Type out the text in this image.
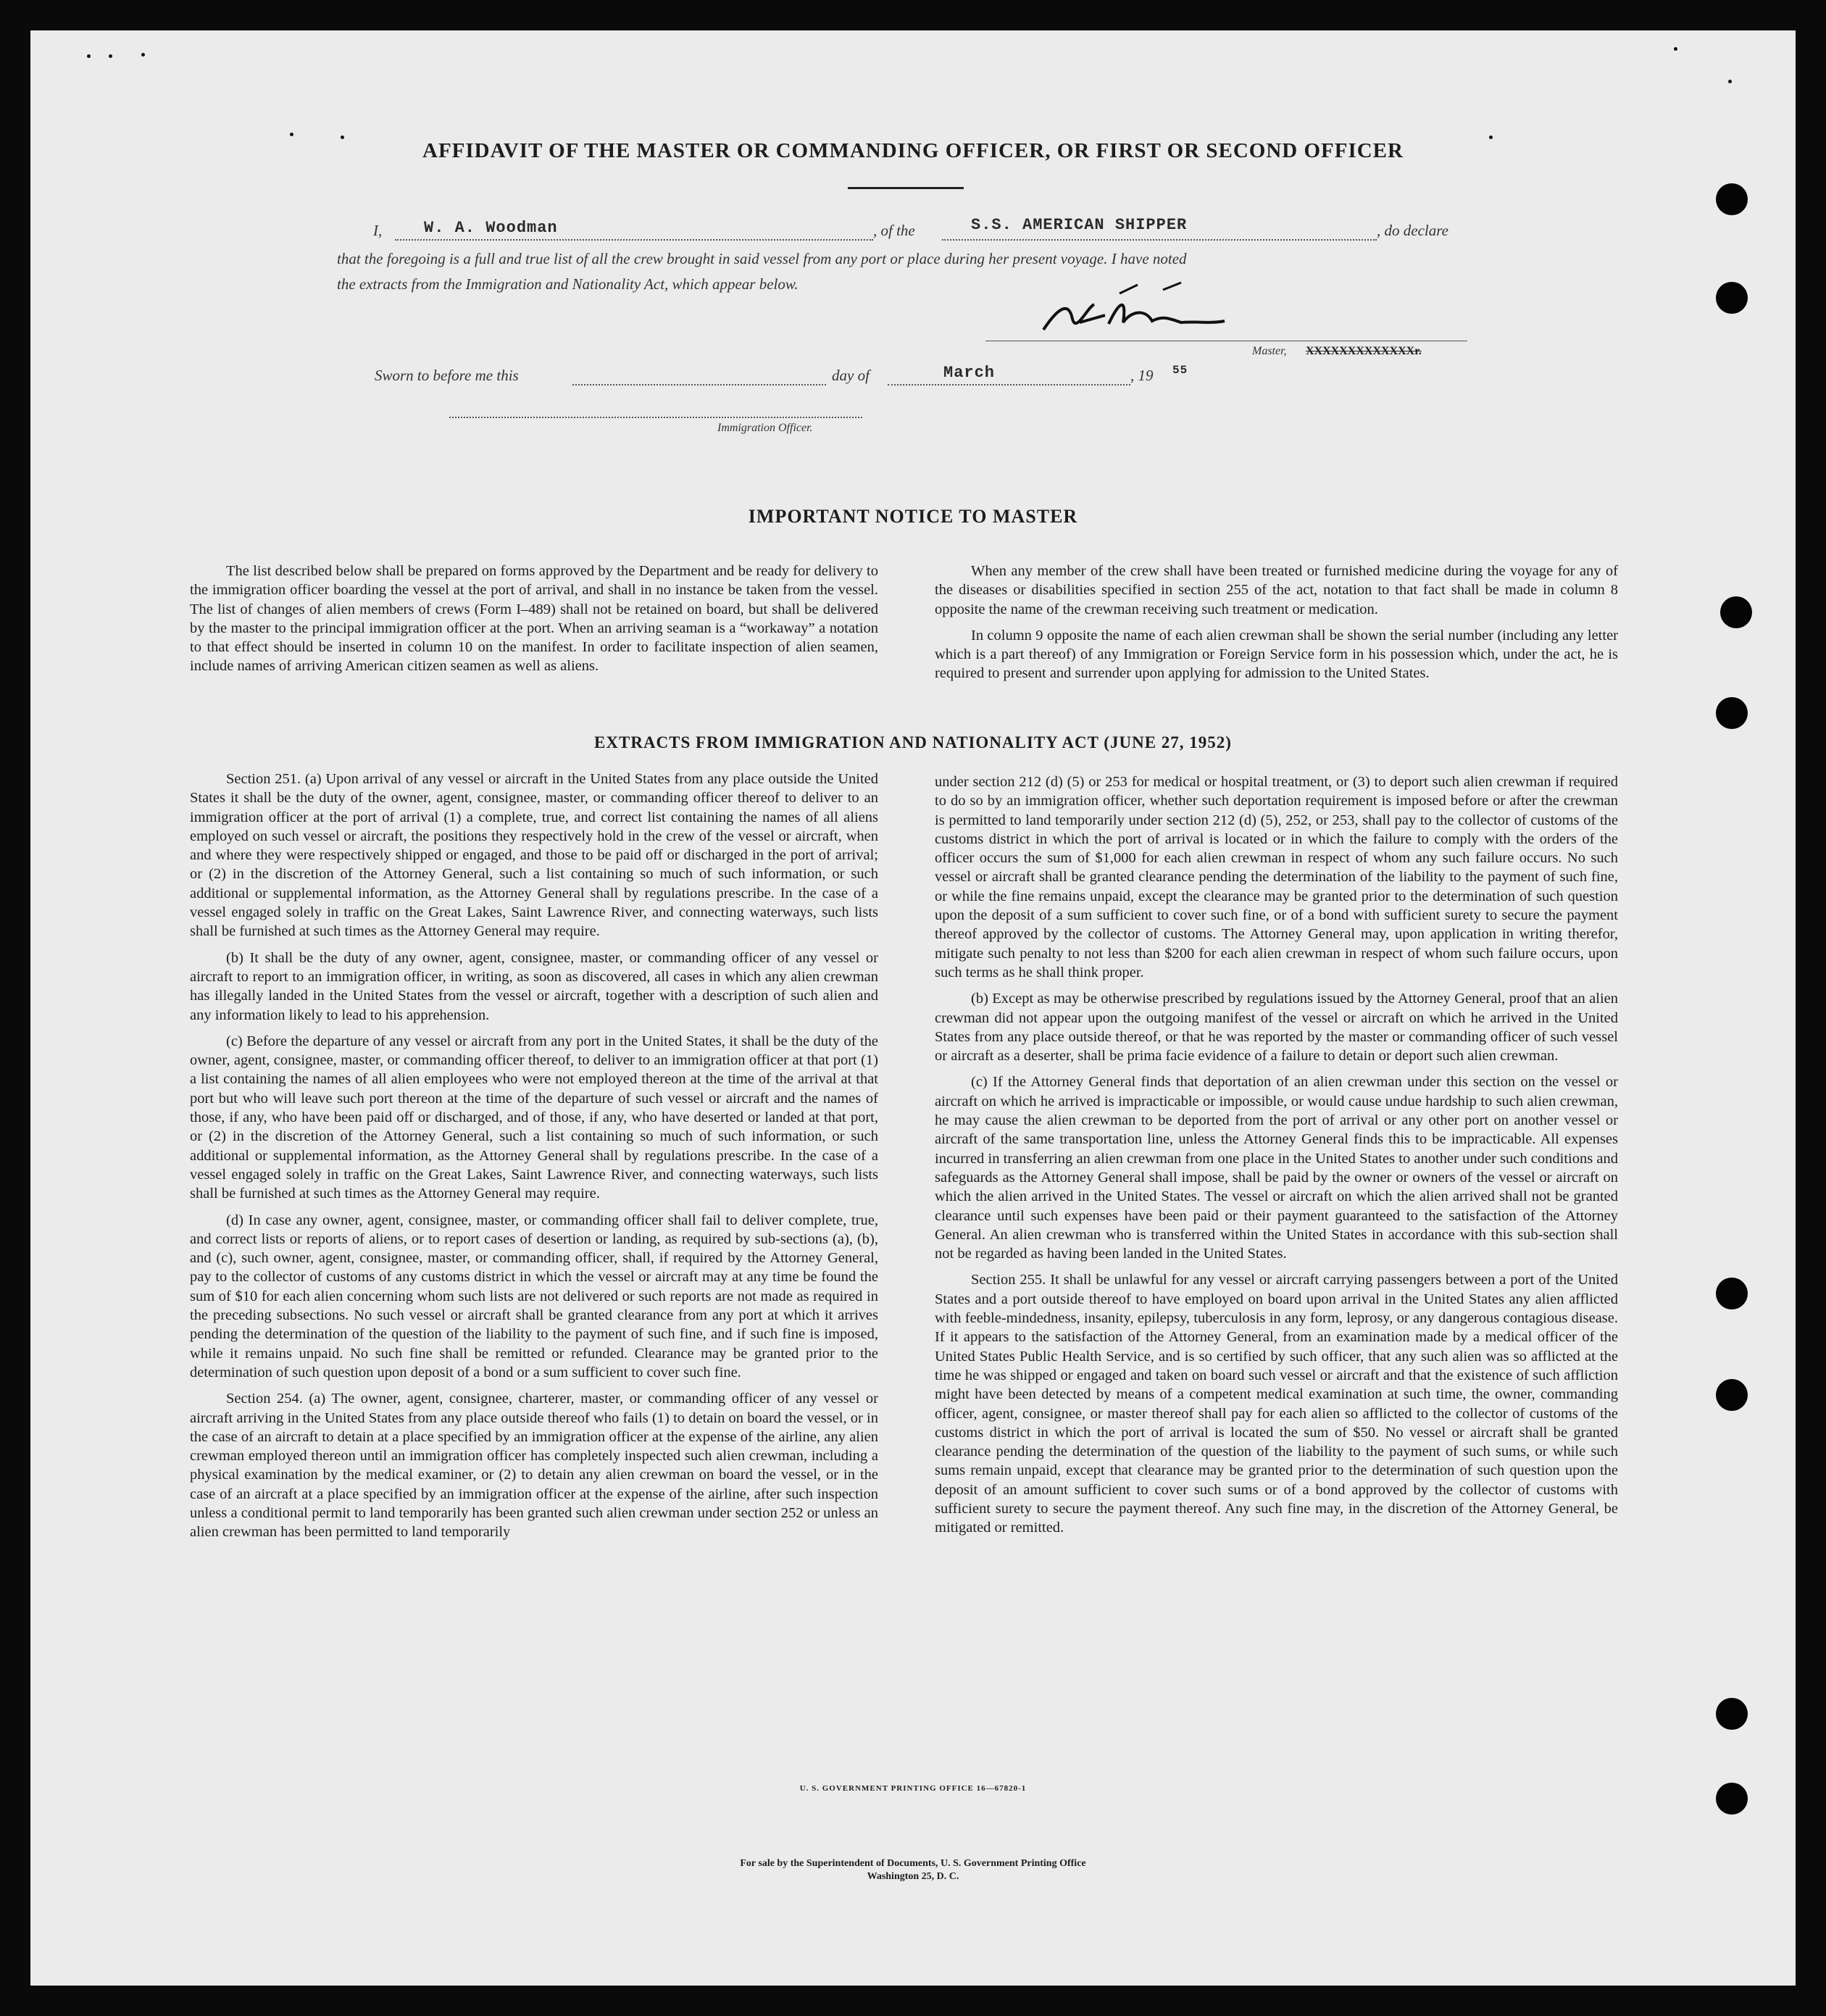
AFFIDAVIT OF THE MASTER OR COMMANDING OFFICER, OR FIRST OR SECOND OFFICER
I,	W. A. Woodman	, of the	S.S. AMERICAN SHIPPER	, do declare
that the foregoing is a full and true list of all the crew brought in said vessel from any port or place during her present voyage. I have noted
the extracts from the Immigration and Nationality Act, which appear below.
Master, XXXXXXXXXXXXXr.
Sworn to before me this	day of	March	, 19 55
Immigration Officer.
IMPORTANT NOTICE TO MASTER

The list described below shall be prepared on forms approved by the Department and be ready for delivery to the immigration officer boarding the vessel at the port of arrival, and shall in no instance be taken from the vessel. The list of changes of alien members of crews (Form I–489) shall not be retained on board, but shall be delivered by the master to the principal immigration officer at the port. When an arriving seaman is a “workaway” a notation to that effect should be inserted in column 10 on the manifest. In order to facilitate inspection of alien seamen, include names of arriving American citizen seamen as well as aliens.

When any member of the crew shall have been treated or furnished medicine during the voyage for any of the diseases or disabilities specified in section 255 of the act, notation to that fact shall be made in column 8 opposite the name of the crewman receiving such treatment or medication.

In column 9 opposite the name of each alien crewman shall be shown the serial number (including any letter which is a part thereof) of any Immigration or Foreign Service form in his possession which, under the act, he is required to present and surrender upon applying for admission to the United States.

EXTRACTS FROM IMMIGRATION AND NATIONALITY ACT (JUNE 27, 1952)

Section 251. (a) Upon arrival of any vessel or aircraft in the United States from any place outside the United States it shall be the duty of the owner, agent, consignee, master, or commanding officer thereof to deliver to an immigration officer at the port of arrival (1) a complete, true, and correct list containing the names of all aliens employed on such vessel or aircraft, the positions they respectively hold in the crew of the vessel or aircraft, when and where they were respectively shipped or engaged, and those to be paid off or discharged in the port of arrival; or (2) in the discretion of the Attorney General, such a list containing so much of such information, or such additional or supplemental information, as the Attorney General shall by regulations prescribe. In the case of a vessel engaged solely in traffic on the Great Lakes, Saint Lawrence River, and connecting waterways, such lists shall be furnished at such times as the Attorney General may require.

(b) It shall be the duty of any owner, agent, consignee, master, or commanding officer of any vessel or aircraft to report to an immigration officer, in writing, as soon as discovered, all cases in which any alien crewman has illegally landed in the United States from the vessel or aircraft, together with a description of such alien and any information likely to lead to his apprehension.

(c) Before the departure of any vessel or aircraft from any port in the United States, it shall be the duty of the owner, agent, consignee, master, or commanding officer thereof, to deliver to an immigration officer at that port (1) a list containing the names of all alien employees who were not employed thereon at the time of the arrival at that port but who will leave such port thereon at the time of the departure of such vessel or aircraft and the names of those, if any, who have been paid off or discharged, and of those, if any, who have deserted or landed at that port, or (2) in the discretion of the Attorney General, such a list containing so much of such information, or such additional or supplemental information, as the Attorney General shall by regulations prescribe. In the case of a vessel engaged solely in traffic on the Great Lakes, Saint Lawrence River, and connecting waterways, such lists shall be furnished at such times as the Attorney General may require.

(d) In case any owner, agent, consignee, master, or commanding officer shall fail to deliver complete, true, and correct lists or reports of aliens, or to report cases of desertion or landing, as required by sub-sections (a), (b), and (c), such owner, agent, consignee, master, or commanding officer, shall, if required by the Attorney General, pay to the collector of customs of any customs district in which the vessel or aircraft may at any time be found the sum of $10 for each alien concerning whom such lists are not delivered or such reports are not made as required in the preceding subsections. No such vessel or aircraft shall be granted clearance from any port at which it arrives pending the determination of the question of the liability to the payment of such fine, and if such fine is imposed, while it remains unpaid. No such fine shall be remitted or refunded. Clearance may be granted prior to the determination of such question upon deposit of a bond or a sum sufficient to cover such fine.

Section 254. (a) The owner, agent, consignee, charterer, master, or commanding officer of any vessel or aircraft arriving in the United States from any place outside thereof who fails (1) to detain on board the vessel, or in the case of an aircraft to detain at a place specified by an immigration officer at the expense of the airline, any alien crewman employed thereon until an immigration officer has completely inspected such alien crewman, including a physical examination by the medical examiner, or (2) to detain any alien crewman on board the vessel, or in the case of an aircraft at a place specified by an immigration officer at the expense of the airline, after such inspection unless a conditional permit to land temporarily has been granted such alien crewman under section 252 or unless an alien crewman has been permitted to land temporarily

under section 212 (d) (5) or 253 for medical or hospital treatment, or (3) to deport such alien crewman if required to do so by an immigration officer, whether such deportation requirement is imposed before or after the crewman is permitted to land temporarily under section 212 (d) (5), 252, or 253, shall pay to the collector of customs of the customs district in which the port of arrival is located or in which the failure to comply with the orders of the officer occurs the sum of $1,000 for each alien crewman in respect of whom any such failure occurs. No such vessel or aircraft shall be granted clearance pending the determination of the liability to the payment of such fine, or while the fine remains unpaid, except the clearance may be granted prior to the determination of such question upon the deposit of a sum sufficient to cover such fine, or of a bond with sufficient surety to secure the payment thereof approved by the collector of customs. The Attorney General may, upon application in writing therefor, mitigate such penalty to not less than $200 for each alien crewman in respect of whom such failure occurs, upon such terms as he shall think proper.

(b) Except as may be otherwise prescribed by regulations issued by the Attorney General, proof that an alien crewman did not appear upon the outgoing manifest of the vessel or aircraft on which he arrived in the United States from any place outside thereof, or that he was reported by the master or commanding officer of such vessel or aircraft as a deserter, shall be prima facie evidence of a failure to detain or deport such alien crewman.

(c) If the Attorney General finds that deportation of an alien crewman under this section on the vessel or aircraft on which he arrived is impracticable or impossible, or would cause undue hardship to such alien crewman, he may cause the alien crewman to be deported from the port of arrival or any other port on another vessel or aircraft of the same transportation line, unless the Attorney General finds this to be impracticable. All expenses incurred in transferring an alien crewman from one place in the United States to another under such conditions and safeguards as the Attorney General shall impose, shall be paid by the owner or owners of the vessel or aircraft on which the alien arrived in the United States. The vessel or aircraft on which the alien arrived shall not be granted clearance until such expenses have been paid or their payment guaranteed to the satisfaction of the Attorney General. An alien crewman who is transferred within the United States in accordance with this sub-section shall not be regarded as having been landed in the United States.

Section 255. It shall be unlawful for any vessel or aircraft carrying passengers between a port of the United States and a port outside thereof to have employed on board upon arrival in the United States any alien afflicted with feeble-mindedness, insanity, epilepsy, tuberculosis in any form, leprosy, or any dangerous contagious disease. If it appears to the satisfaction of the Attorney General, from an examination made by a medical officer of the United States Public Health Service, and is so certified by such officer, that any such alien was so afflicted at the time he was shipped or engaged and taken on board such vessel or aircraft and that the existence of such affliction might have been detected by means of a competent medical examination at such time, the owner, commanding officer, agent, consignee, or master thereof shall pay for each alien so afflicted to the collector of customs of the customs district in which the port of arrival is located the sum of $50. No vessel or aircraft shall be granted clearance pending the determination of the question of the liability to the payment of such sums, or while such sums remain unpaid, except that clearance may be granted prior to the determination of such question upon the deposit of an amount sufficient to cover such sums or of a bond approved by the collector of customs with sufficient surety to secure the payment thereof. Any such fine may, in the discretion of the Attorney General, be mitigated or remitted.

U. S. GOVERNMENT PRINTING OFFICE 16—67820-1
For sale by the Superintendent of Documents, U. S. Government Printing Office
Washington 25, D. C.
